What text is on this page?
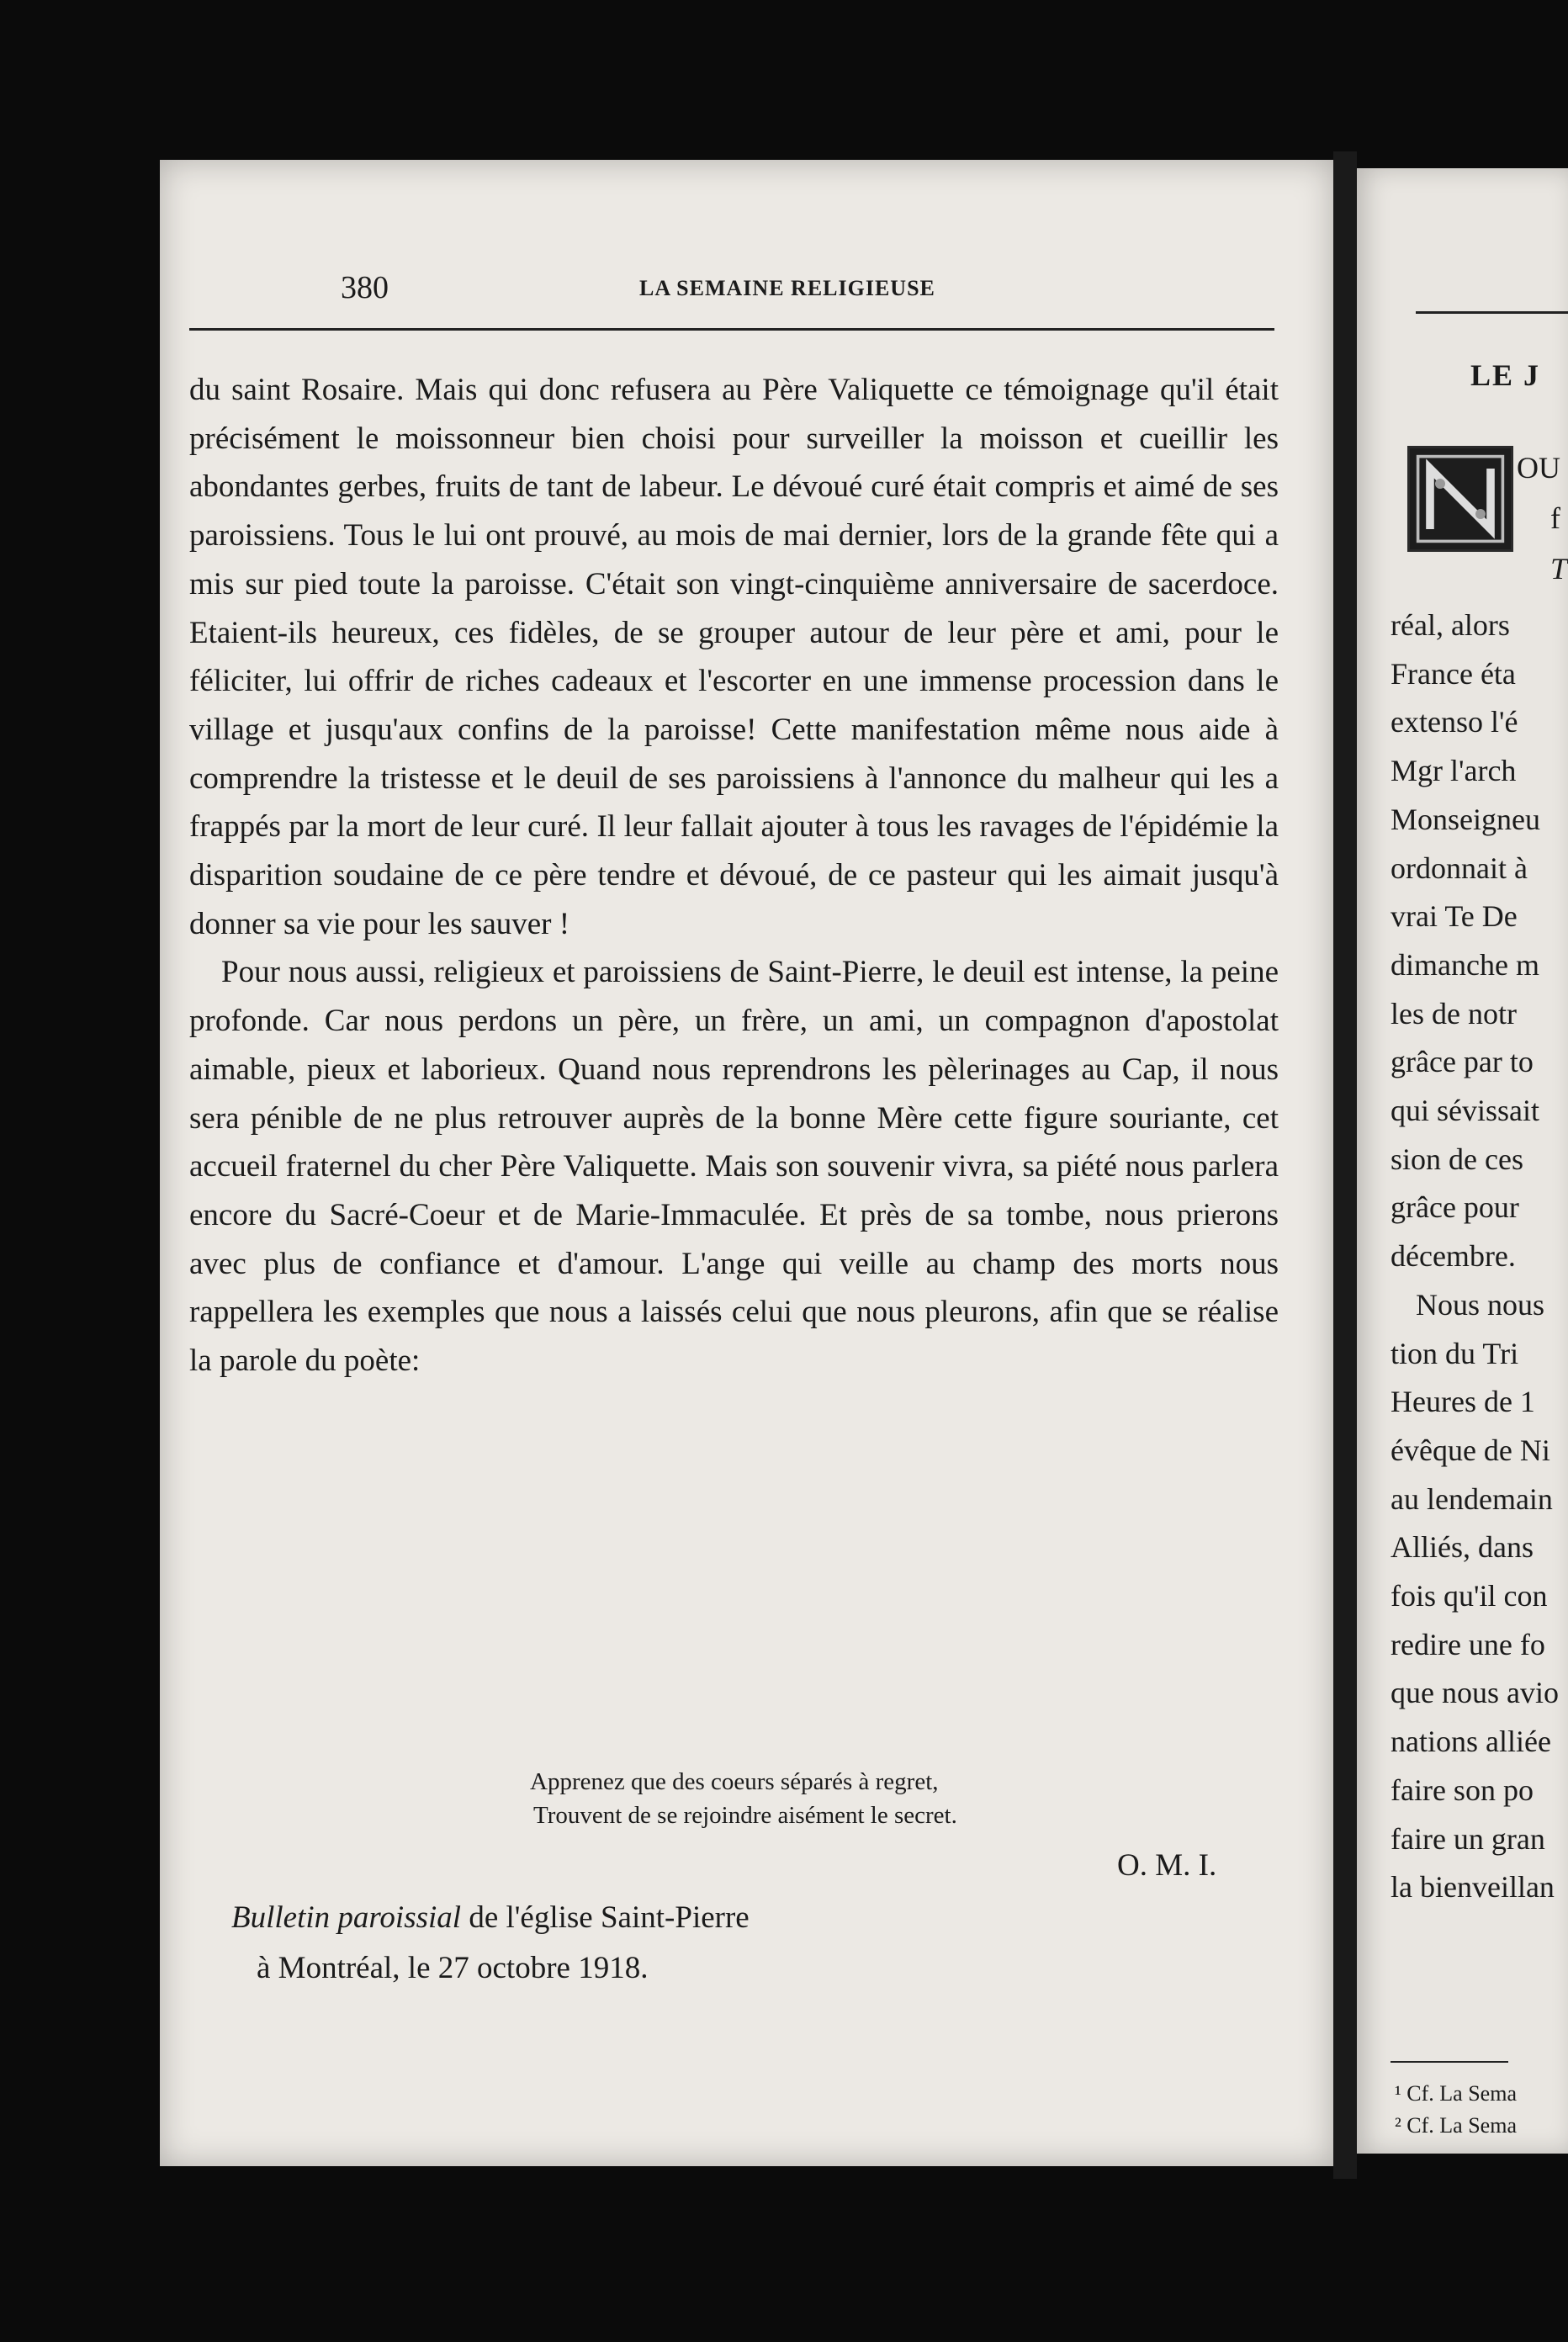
380	LA SEMAINE RELIGIEUSE

du saint Rosaire. Mais qui donc refusera au Père Valiquette ce témoignage qu'il était précisément le moissonneur bien choisi pour surveiller la moisson et cueillir les abondantes gerbes, fruits de tant de labeur. Le dévoué curé était compris et aimé de ses paroissiens. Tous le lui ont prouvé, au mois de mai dernier, lors de la grande fête qui a mis sur pied toute la paroisse. C'était son vingt-cinquième anniversaire de sacerdoce. Etaient-ils heureux, ces fidèles, de se grouper autour de leur père et ami, pour le féliciter, lui offrir de riches cadeaux et l'escorter en une immense procession dans le village et jusqu'aux confins de la paroisse! Cette manifestation même nous aide à comprendre la tristesse et le deuil de ses paroissiens à l'annonce du malheur qui les a frappés par la mort de leur curé. Il leur fallait ajouter à tous les ravages de l'épidémie la disparition soudaine de ce père tendre et dévoué, de ce pasteur qui les aimait jusqu'à donner sa vie pour les sauver !

Pour nous aussi, religieux et paroissiens de Saint-Pierre, le deuil est intense, la peine profonde. Car nous perdons un père, un frère, un ami, un compagnon d'apostolat aimable, pieux et laborieux. Quand nous reprendrons les pèlerinages au Cap, il nous sera pénible de ne plus retrouver auprès de la bonne Mère cette figure souriante, cet accueil fraternel du cher Père Valiquette. Mais son souvenir vivra, sa piété nous parlera encore du Sacré-Coeur et de Marie-Immaculée. Et près de sa tombe, nous prierons avec plus de confiance et d'amour. L'ange qui veille au champ des morts nous rappellera les exemples que nous a laissés celui que nous pleurons, afin que se réalise la parole du poète:

Apprenez que des coeurs séparés à regret,
Trouvent de se rejoindre aisément le secret.
O. M. I.
Bulletin paroissial de l'église Saint-Pierre
à Montréal, le 27 octobre 1918.
LE J
OU
f
T
réal, alors
France éta
extenso l'é
Mgr l'arch
Monseigneu
ordonnait à
vrai Te De
dimanche m
les de notr
grâce par to
qui sévissait
sion de ces
grâce pour
décembre.
Nous nous
tion du Tri
Heures de 1
évêque de Ni
au lendemain
Alliés, dans
fois qu'il con
redire une fo
que nous avio
nations alliée
faire son po
faire un gran
la bienveillan
¹ Cf. La Sema
² Cf. La Sema
